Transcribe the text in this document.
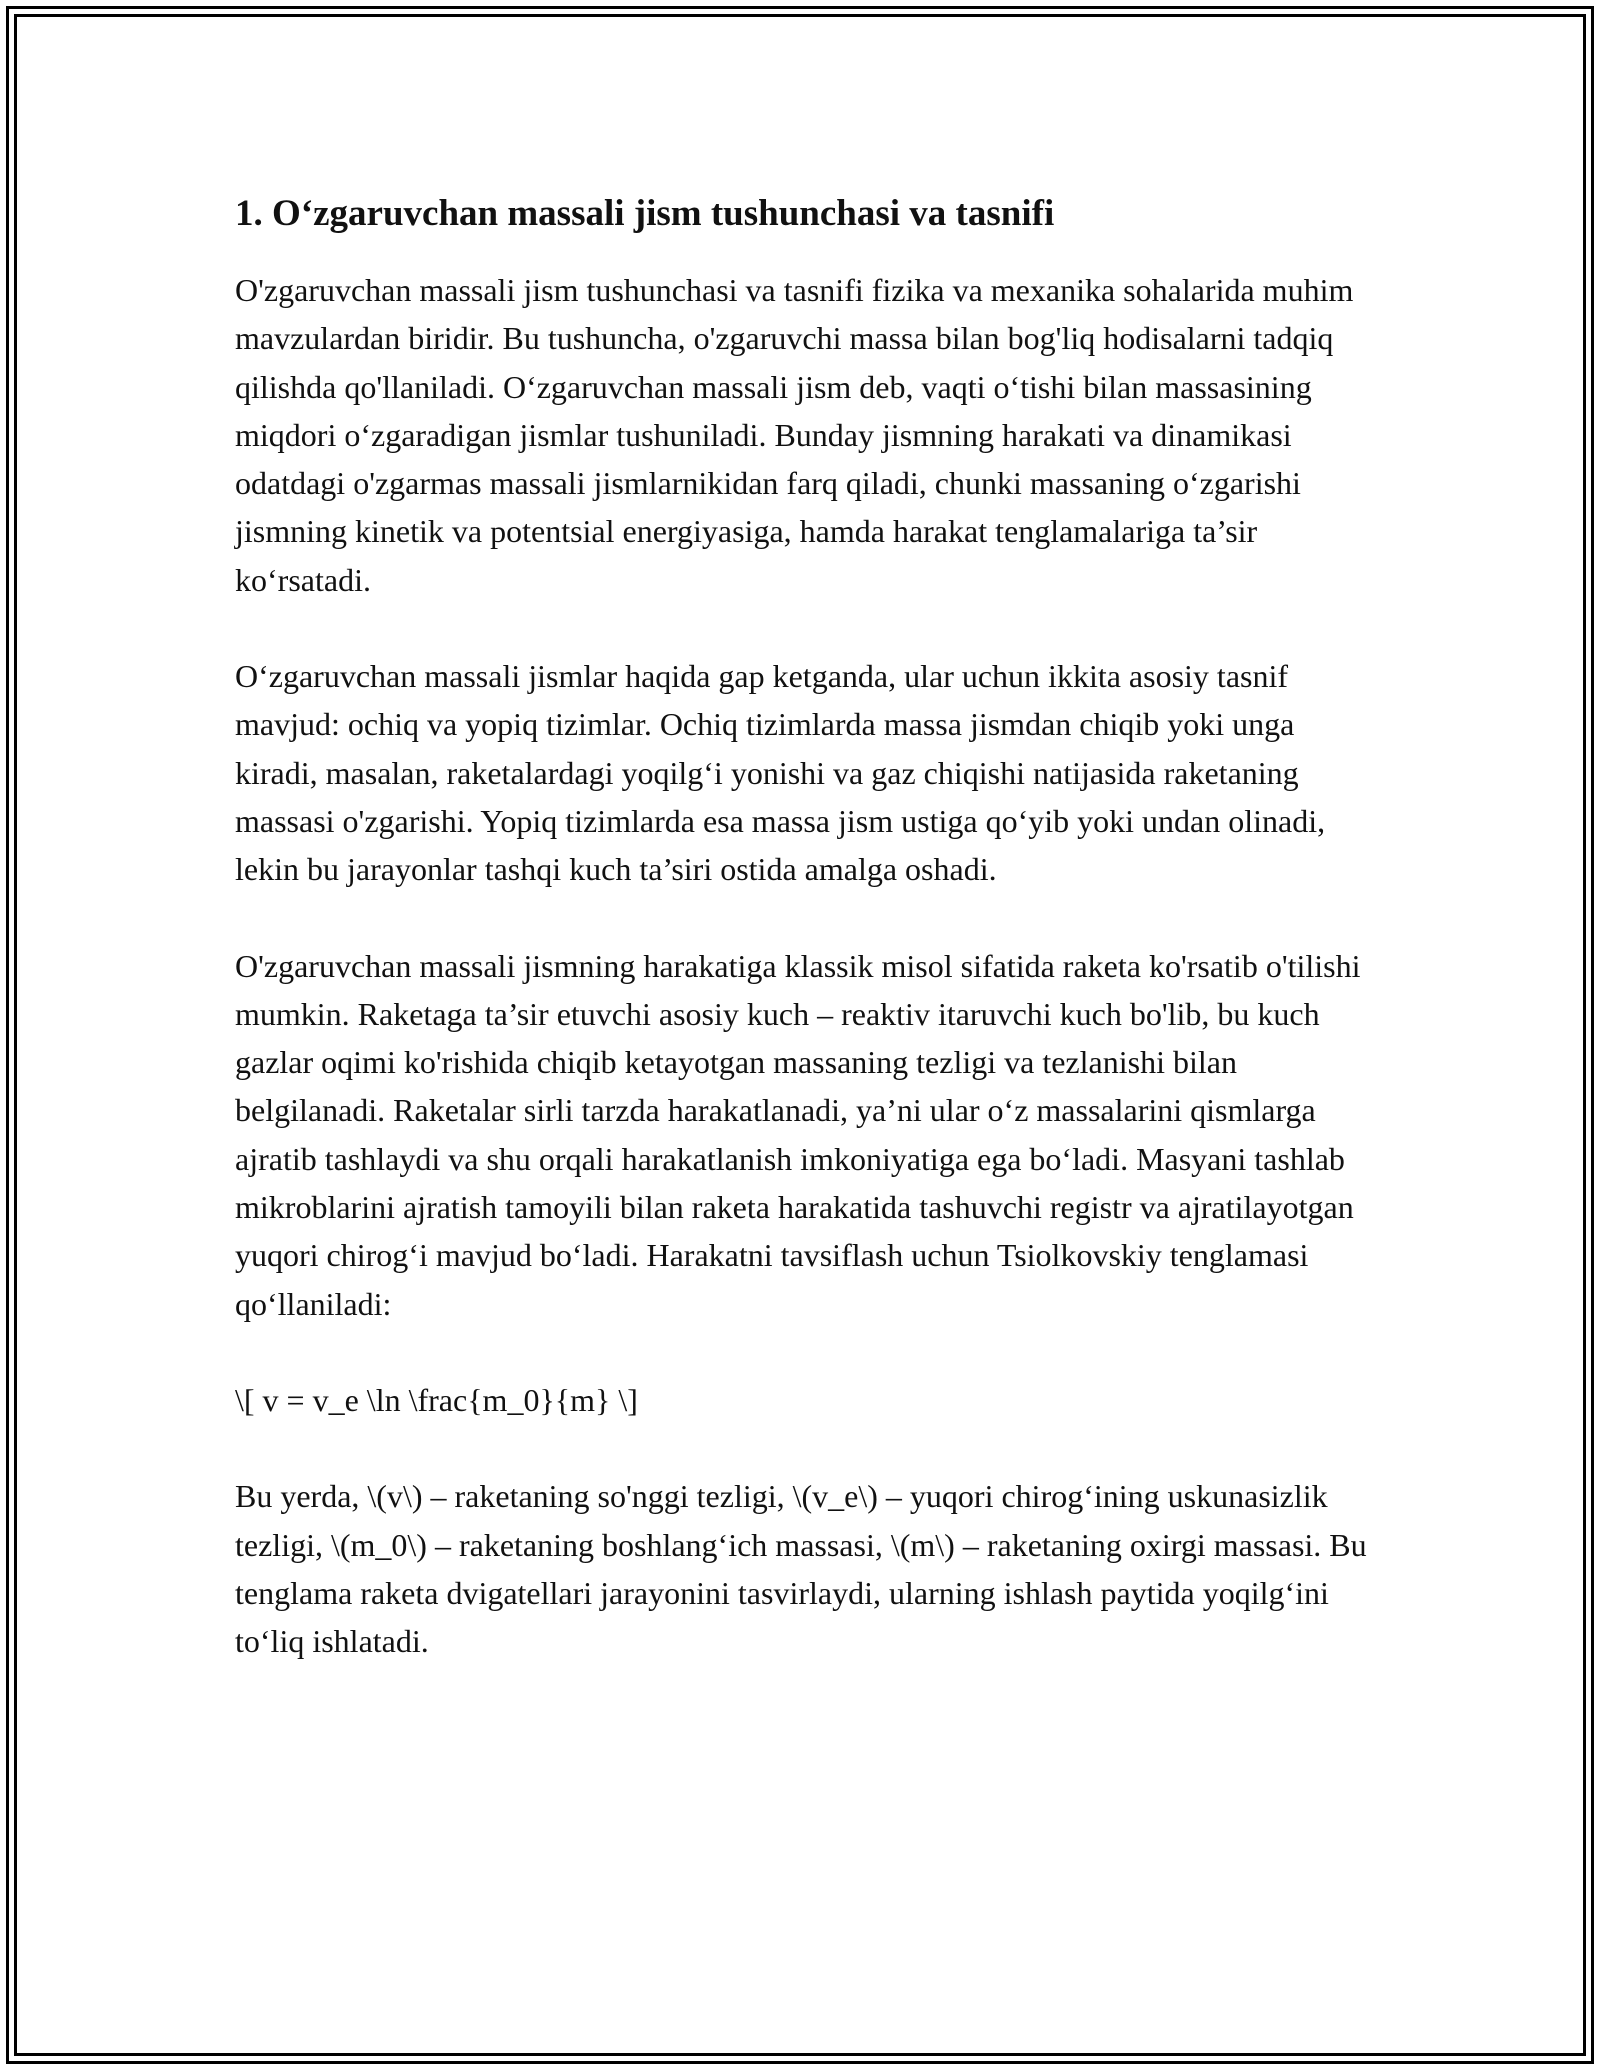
1. O‘zgaruvchan massali jism tushunchasi va tasnifi

O'zgaruvchan massali jism tushunchasi va tasnifi fizika va mexanika sohalarida muhim mavzulardan biridir. Bu tushuncha, o'zgaruvchi massa bilan bog'liq hodisalarni tadqiq qilishda qo'llaniladi. O‘zgaruvchan massali jism deb, vaqti o‘tishi bilan massasining miqdori o‘zgaradigan jismlar tushuniladi. Bunday jismning harakati va dinamikasi odatdagi o'zgarmas massali jismlarnikidan farq qiladi, chunki massaning o‘zgarishi jismning kinetik va potentsial energiyasiga, hamda harakat tenglamalariga ta’sir ko‘rsatadi.

O‘zgaruvchan massali jismlar haqida gap ketganda, ular uchun ikkita asosiy tasnif mavjud: ochiq va yopiq tizimlar. Ochiq tizimlarda massa jismdan chiqib yoki unga kiradi, masalan, raketalardagi yoqilg‘i yonishi va gaz chiqishi natijasida raketaning massasi o'zgarishi. Yopiq tizimlarda esa massa jism ustiga qo‘yib yoki undan olinadi, lekin bu jarayonlar tashqi kuch ta’siri ostida amalga oshadi.

O'zgaruvchan massali jismning harakatiga klassik misol sifatida raketa ko'rsatib o'tilishi mumkin. Raketaga ta’sir etuvchi asosiy kuch – reaktiv itaruvchi kuch bo'lib, bu kuch gazlar oqimi ko'rishida chiqib ketayotgan massaning tezligi va tezlanishi bilan belgilanadi. Raketalar sirli tarzda harakatlanadi, ya’ni ular o‘z massalarini qismlarga ajratib tashlaydi va shu orqali harakatlanish imkoniyatiga ega bo‘ladi. Masyani tashlab mikroblarini ajratish tamoyili bilan raketa harakatida tashuvchi registr va ajratilayotgan yuqori chirog‘i mavjud bo‘ladi. Harakatni tavsiflash uchun Tsiolkovskiy tenglamasi qo‘llaniladi:

\[ v = v_e \ln \frac{m_0}{m} \]

Bu yerda, \(v\) – raketaning so'nggi tezligi, \(v_e\) – yuqori chirog‘ining uskunasizlik tezligi, \(m_0\) – raketaning boshlang‘ich massasi, \(m\) – raketaning oxirgi massasi. Bu tenglama raketa dvigatellari jarayonini tasvirlaydi, ularning ishlash paytida yoqilg‘ini to‘liq ishlatadi.
